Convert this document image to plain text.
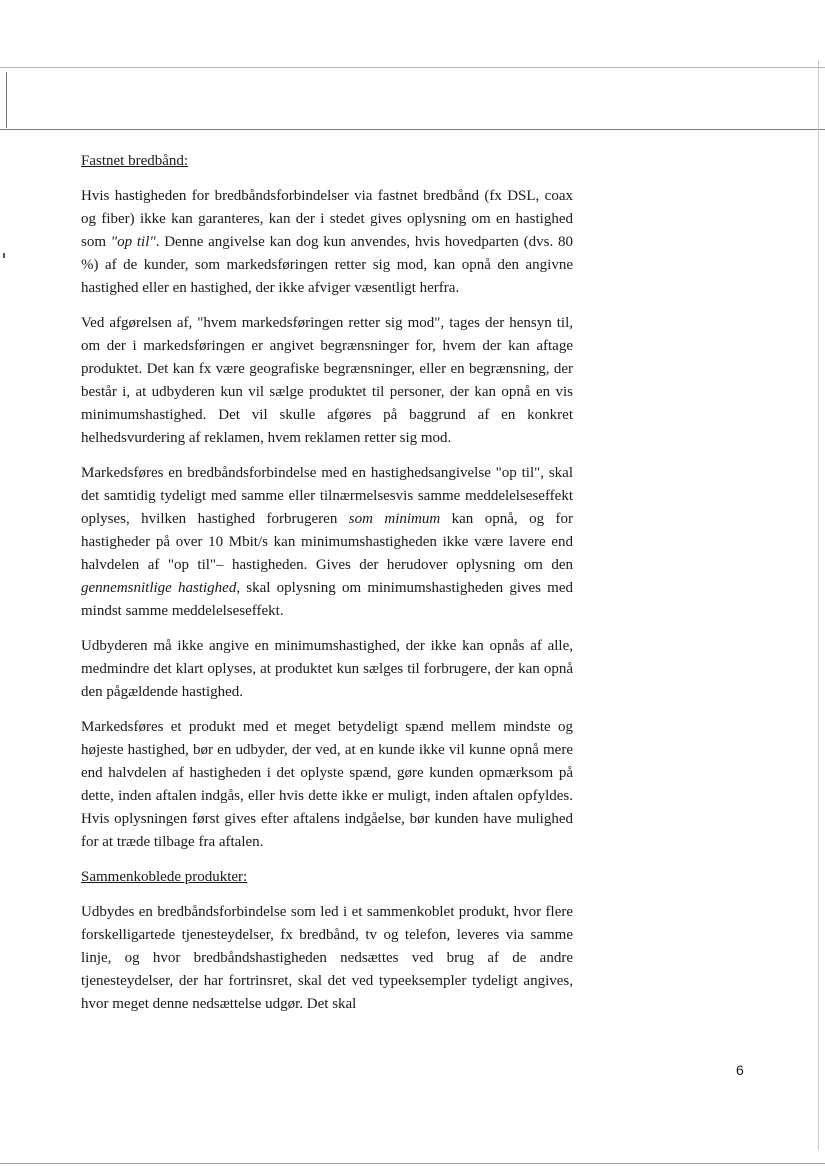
Fastnet bredbånd:

Hvis hastigheden for bredbåndsforbindelser via fastnet bredbånd (fx DSL, coax og fiber) ikke kan garanteres, kan der i stedet gives oplysning om en hastighed som "op til". Denne angivelse kan dog kun anvendes, hvis hovedparten (dvs. 80 %) af de kunder, som markedsføringen retter sig mod, kan opnå den angivne hastighed eller en hastighed, der ikke afviger væsentligt herfra.

Ved afgørelsen af, "hvem markedsføringen retter sig mod", tages der hensyn til, om der i markedsføringen er angivet begrænsninger for, hvem der kan aftage produktet. Det kan fx være geografiske begrænsninger, eller en begrænsning, der består i, at udbyderen kun vil sælge produktet til personer, der kan opnå en vis minimumshastighed. Det vil skulle afgøres på baggrund af en konkret helhedsvurdering af reklamen, hvem reklamen retter sig mod.

Markedsføres en bredbåndsforbindelse med en hastighedsangivelse "op til", skal det samtidig tydeligt med samme eller tilnærmelsesvis samme meddelelseseffekt oplyses, hvilken hastighed forbrugeren som minimum kan opnå, og for hastigheder på over 10 Mbit/s kan minimumshastigheden ikke være lavere end halvdelen af "op til"– hastigheden. Gives der herudover oplysning om den gennemsnitlige hastighed, skal oplysning om minimumshastigheden gives med mindst samme meddelelseseffekt.

Udbyderen må ikke angive en minimumshastighed, der ikke kan opnås af alle, medmindre det klart oplyses, at produktet kun sælges til forbrugere, der kan opnå den pågældende hastighed.

Markedsføres et produkt med et meget betydeligt spænd mellem mindste og højeste hastighed, bør en udbyder, der ved, at en kunde ikke vil kunne opnå mere end halvdelen af hastigheden i det oplyste spænd, gøre kunden opmærksom på dette, inden aftalen indgås, eller hvis dette ikke er muligt, inden aftalen opfyldes. Hvis oplysningen først gives efter aftalens indgåelse, bør kunden have mulighed for at træde tilbage fra aftalen.

Sammenkoblede produkter:

Udbydes en bredbåndsforbindelse som led i et sammenkoblet produkt, hvor flere forskelligartede tjenesteydelser, fx bredbånd, tv og telefon, leveres via samme linje, og hvor bredbåndshastigheden nedsættes ved brug af de andre tjenesteydelser, der har fortrinsret, skal det ved typeeksempler tydeligt angives, hvor meget denne nedsættelse udgør. Det skal

6
